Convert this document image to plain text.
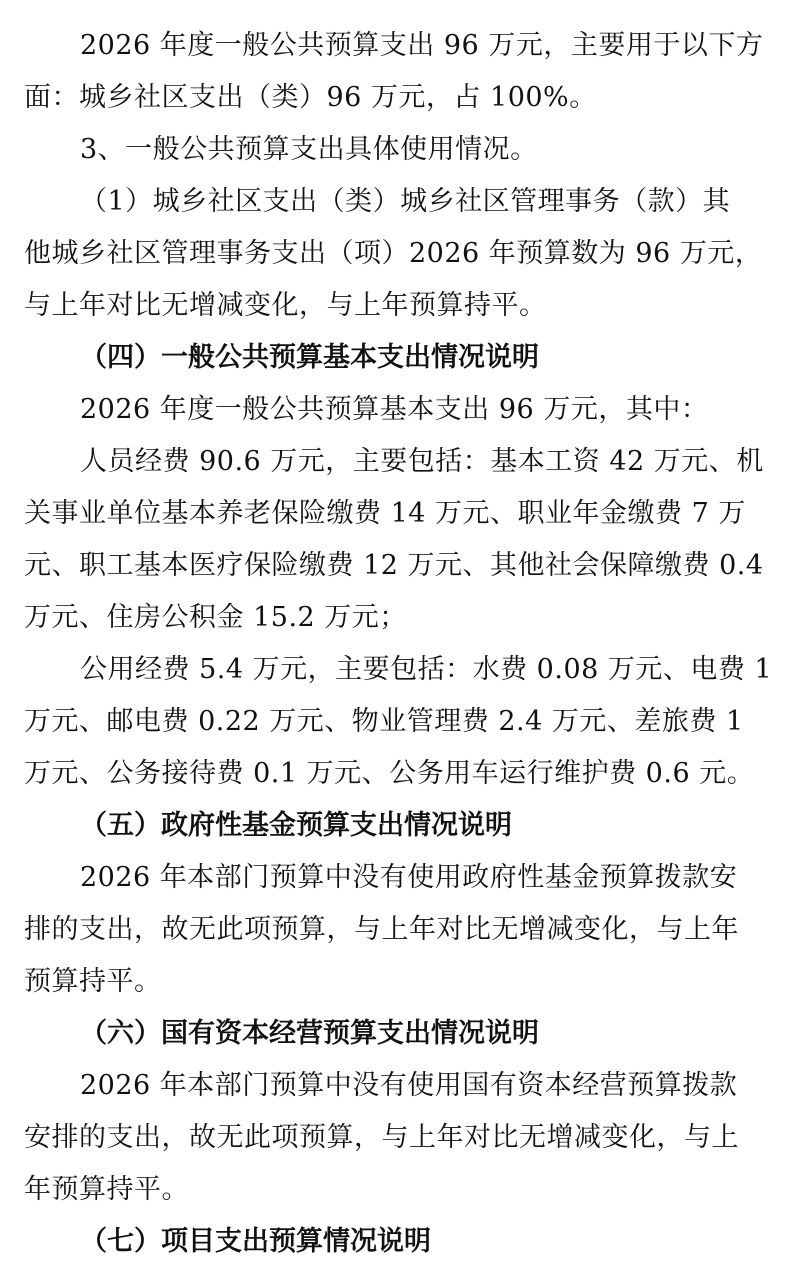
2026 年度一般公共预算支出 96 万元，主要用于以下方
面：城乡社区支出（类）96 万元，占 100%。
3、一般公共预算支出具体使用情况。
（1）城乡社区支出（类）城乡社区管理事务（款）其
他城乡社区管理事务支出（项）2026 年预算数为 96 万元，
与上年对比无增减变化，与上年预算持平。
（四）一般公共预算基本支出情况说明
2026 年度一般公共预算基本支出 96 万元，其中：
人员经费 90.6 万元，主要包括：基本工资 42 万元、机
关事业单位基本养老保险缴费 14 万元、职业年金缴费 7 万
元、职工基本医疗保险缴费 12 万元、其他社会保障缴费 0.4
万元、住房公积金 15.2 万元；
公用经费 5.4 万元，主要包括：水费 0.08 万元、电费 1
万元、邮电费 0.22 万元、物业管理费 2.4 万元、差旅费 1
万元、公务接待费 0.1 万元、公务用车运行维护费 0.6 元。
（五）政府性基金预算支出情况说明
2026 年本部门预算中没有使用政府性基金预算拨款安
排的支出，故无此项预算，与上年对比无增减变化，与上年
预算持平。
（六）国有资本经营预算支出情况说明
2026 年本部门预算中没有使用国有资本经营预算拨款
安排的支出，故无此项预算，与上年对比无增减变化，与上
年预算持平。
（七）项目支出预算情况说明
